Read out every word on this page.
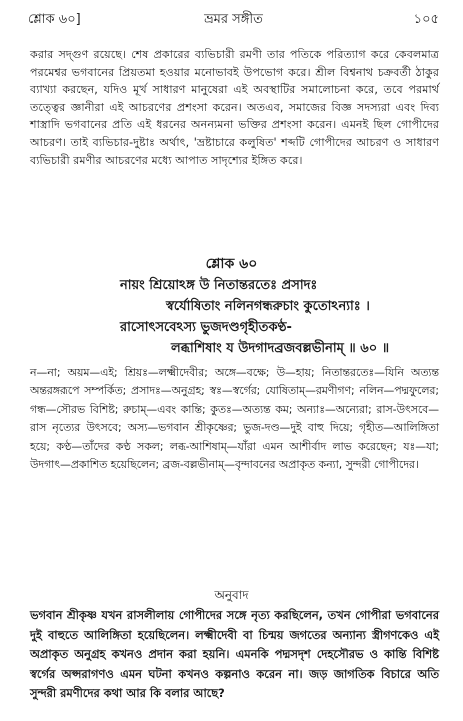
শ্লোক ৬০]	ভ্রমর সঙ্গীত	১০৫
করার সদ্‌গুণ রয়েছে। শেষ প্রকারের ব্যভিচারী রমণী তার পতিকে পরিত্যাগ করে কেবলমাত্র পরমেশ্বর ভগবানের প্রিয়তমা হওয়ার মনোভাবই উপভোগ করে। শ্রীল বিশ্বনাথ চক্রবর্তী ঠাকুর ব্যাখ্যা করছেন, যদিও মূর্খ সাধারণ মানুষেরা এই অবস্থাটির সমালোচনা করে, তবে পরমার্থ তত্ত্বের জ্ঞানীরা এই আচরণের প্রশংসা করেন। অতএব, সমাজের বিজ্ঞ সদস্যরা এবং দিব্য শাস্ত্রাদি ভগবানের প্রতি এই ধরনের অনন্যমনা ভক্তির প্রশংসা করেন। এমনই ছিল গোপীদের আচরণ। তাই ব্যভিচার-দুষ্টাঃ অর্থাৎ, 'ভ্রষ্টাচারে কলুষিত' শব্দটি গোপীদের আচরণ ও সাধারণ ব্যভিচারী রমণীর আচরণের মধ্যে আপাত সাদৃশ্যের ইঙ্গিত করে।
শ্লোক ৬০
নায়ং শ্রিয়োঽঙ্গ উ নিতান্তরতেঃ প্রসাদঃ
স্বর্যোষিতাং নলিনগন্ধরুচাং কুতোঽন্যাঃ ।
রাসোৎসবেঽস্য ভুজদণ্ডগৃহীতকণ্ঠ-
লব্ধাশিষাং য উদগাদব্রজবল্লভীনাম্ ॥ ৬০ ॥
ন—না; অয়ম—এই; শ্রিয়ঃ—লক্ষ্মীদেবীর; অঙ্গে—বক্ষে; উ—হায়; নিতান্তরতেঃ—যিনি অত্যন্ত অন্তরঙ্গরূপে সম্পর্কিত; প্রসাদঃ—অনুগ্রহ; স্বঃ—স্বর্গের; যোষিতাম্—রমণীগণ; নলিন—পদ্মফুলের; গন্ধ—সৌরভ বিশিষ্ট; রুচাম্—এবং কান্তি; কুতঃ—অত্যন্ত কম; অন্যাঃ—অন্যেরা; রাস-উৎসবে—রাস নৃত্যের উৎসবে; অস্য—ভগবান শ্রীকৃষ্ণের; ভুজ-দণ্ড—দুই বাহু দিয়ে; গৃহীত—আলিঙ্গিতা হয়ে; কণ্ঠ—তাঁদের কণ্ঠ সকল; লব্ধ-আশিষাম্—যাঁরা এমন আশীর্বাদ লাভ করেছেন; যঃ—যা; উদগাৎ—প্রকাশিত হয়েছিলেন; ব্রজ-বল্লভীনাম্—বৃন্দাবনের অপ্রাকৃত কন্যা, সুন্দরী গোপীদের।
অনুবাদ
ভগবান শ্রীকৃষ্ণ যখন রাসলীলায় গোপীদের সঙ্গে নৃত্য করছিলেন, তখন গোপীরা ভগবানের দুই বাহুতে আলিঙ্গিতা হয়েছিলেন। লক্ষ্মীদেবী বা চিন্ময় জগতের অন্যান্য স্ত্রীগণকেও এই অপ্রাকৃত অনুগ্রহ কখনও প্রদান করা হয়নি। এমনকি পদ্মসদৃশ দেহসৌরভ ও কান্তি বিশিষ্ট স্বর্গের অপ্সরাগণও এমন ঘটনা কখনও কল্পনাও করেন না। জড় জাগতিক বিচারে অতি সুন্দরী রমণীদের কথা আর কি বলার আছে?
